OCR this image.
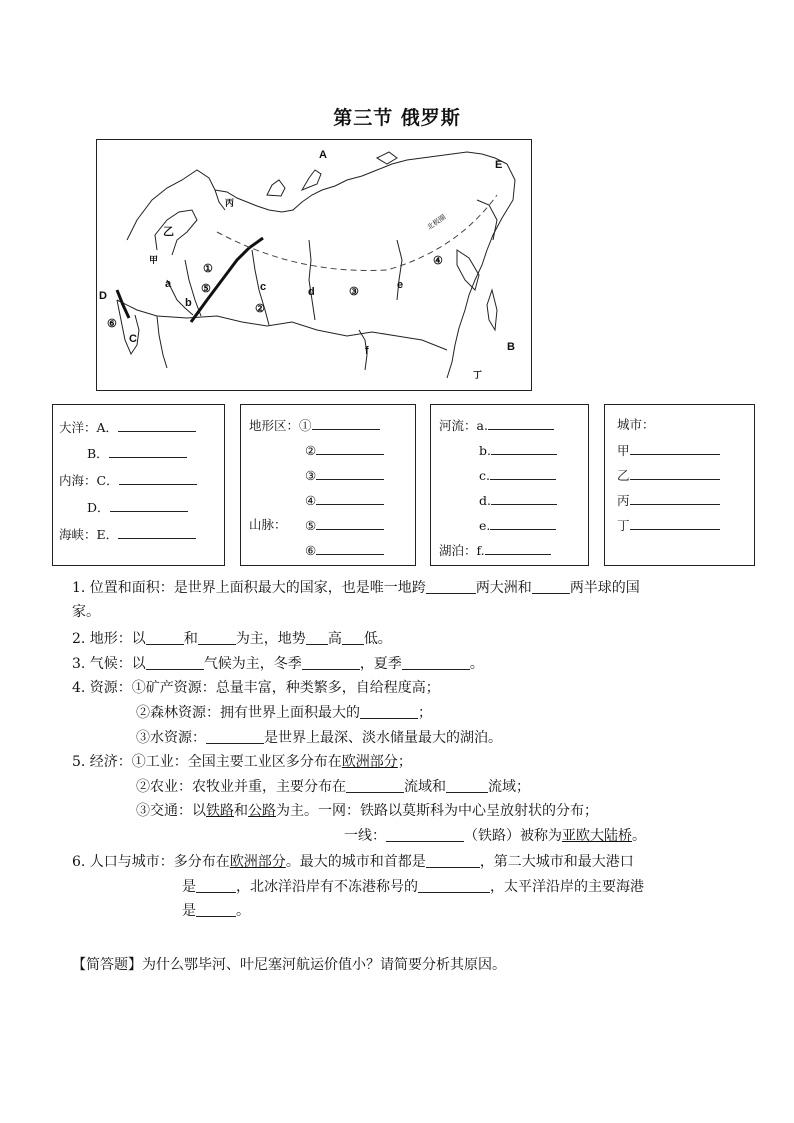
第三节 俄罗斯
A
B
C
D
E
a
b
c	d
e
f
①
②
③
④
⑤
⑥
甲
乙
丙
丁
北极圈
大洋：A．
B．
内海：C．
D．
海峡：E．
地形区：①
②
③
④
山脉： ⑤
⑥
河流：a.
b.
c.
d.
e.
湖泊：f.
城市：
甲
乙
丙
丁
1. 位置和面积：是世界上面积最大的国家，也是唯一地跨	两大洲和	两半球的国
家。
2. 地形：以	和	为主，地势 高 低。
3. 气候：以	气候为主，冬季	，夏季	。
4. 资源：①矿产资源：总量丰富，种类繁多，自给程度高；
②森林资源：拥有世界上面积最大的	；
③水资源：	是世界上最深、淡水储量最大的湖泊。
5. 经济：①工业：全国主要工业区多分布在欧洲部分；
②农业：农牧业并重，主要分布在	流域和	流域；
③交通：以铁路和公路为主。一网：铁路以莫斯科为中心呈放射状的分布；
一线：	（铁路）被称为亚欧大陆桥。
6. 人口与城市：多分布在欧洲部分。最大的城市和首都是	，第二大城市和最大港口
是	，北冰洋沿岸有不冻港称号的	，太平洋沿岸的主要海港
是	。
【简答题】为什么鄂毕河、叶尼塞河航运价值小？请简要分析其原因。
